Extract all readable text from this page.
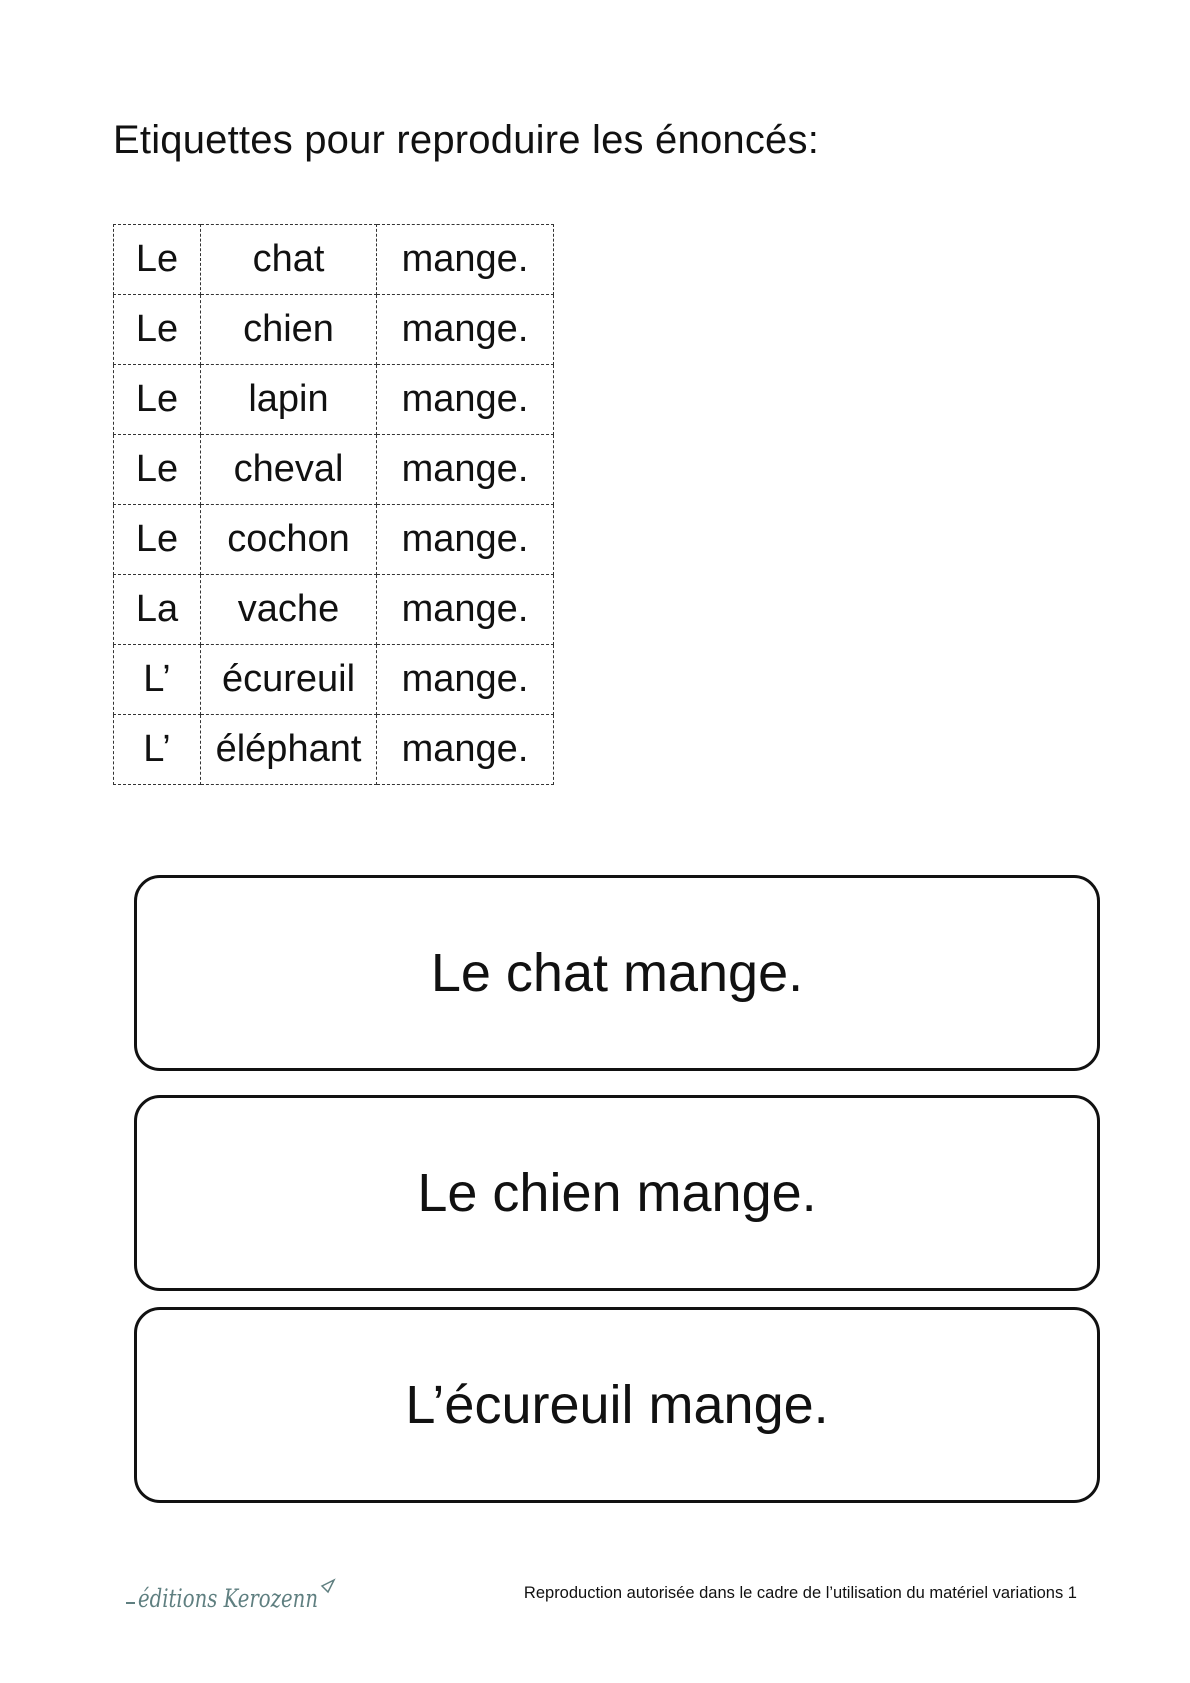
Etiquettes pour reproduire les énoncés:
Le	chat	mange.
Le	chien	mange.
Le	lapin	mange.
Le	cheval	mange.
Le	cochon	mange.
La	vache	mange.
L’	écureuil	mange.
L’	éléphant	mange.
Le chat mange.
Le chien mange.
L’écureuil mange.
éditions Kerozenn	Reproduction autorisée dans le cadre de l’utilisation du matériel variations 1
